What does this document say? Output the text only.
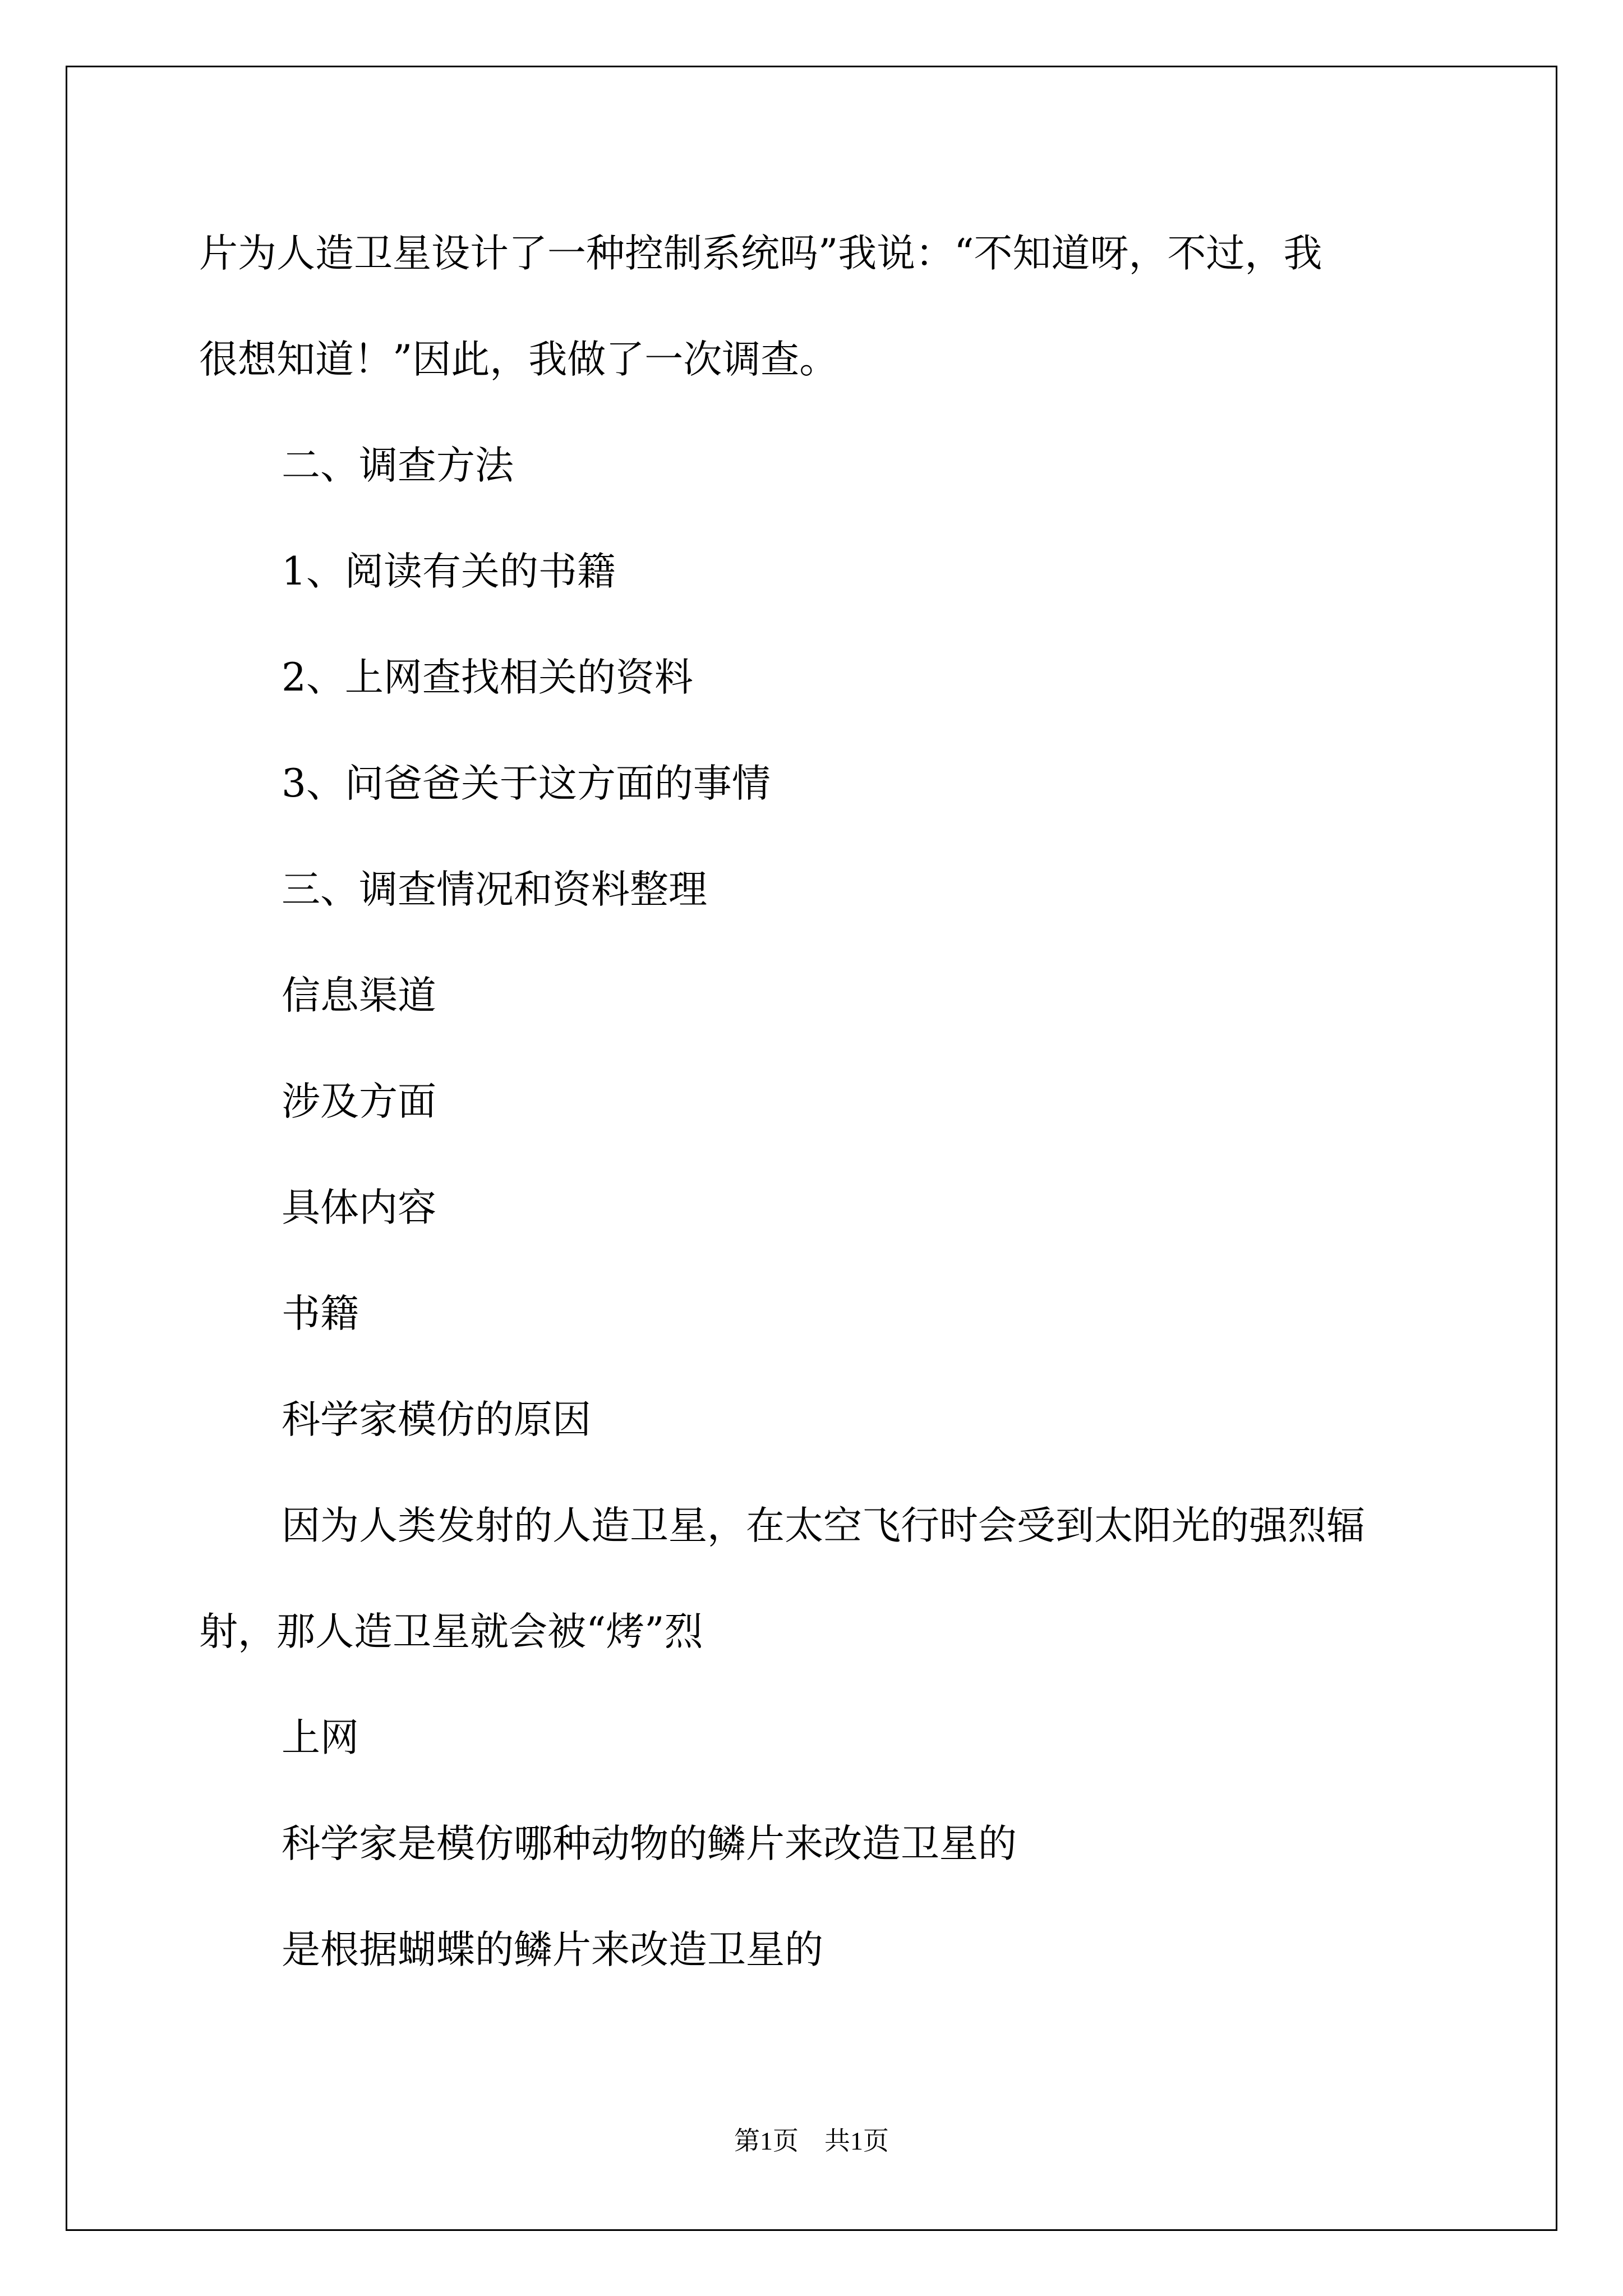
片为人造卫星设计了一种控制系统吗”我说：“不知道呀，不过，我
很想知道！”因此，我做了一次调查。
二、调查方法
1、阅读有关的书籍
2、上网查找相关的资料
3、问爸爸关于这方面的事情
三、调查情况和资料整理
信息渠道
涉及方面
具体内容
书籍
科学家模仿的原因
因为人类发射的人造卫星，在太空飞行时会受到太阳光的强烈辐
射，那人造卫星就会被“烤”烈
上网
科学家是模仿哪种动物的鳞片来改造卫星的
是根据蝴蝶的鳞片来改造卫星的
第1页　共1页
